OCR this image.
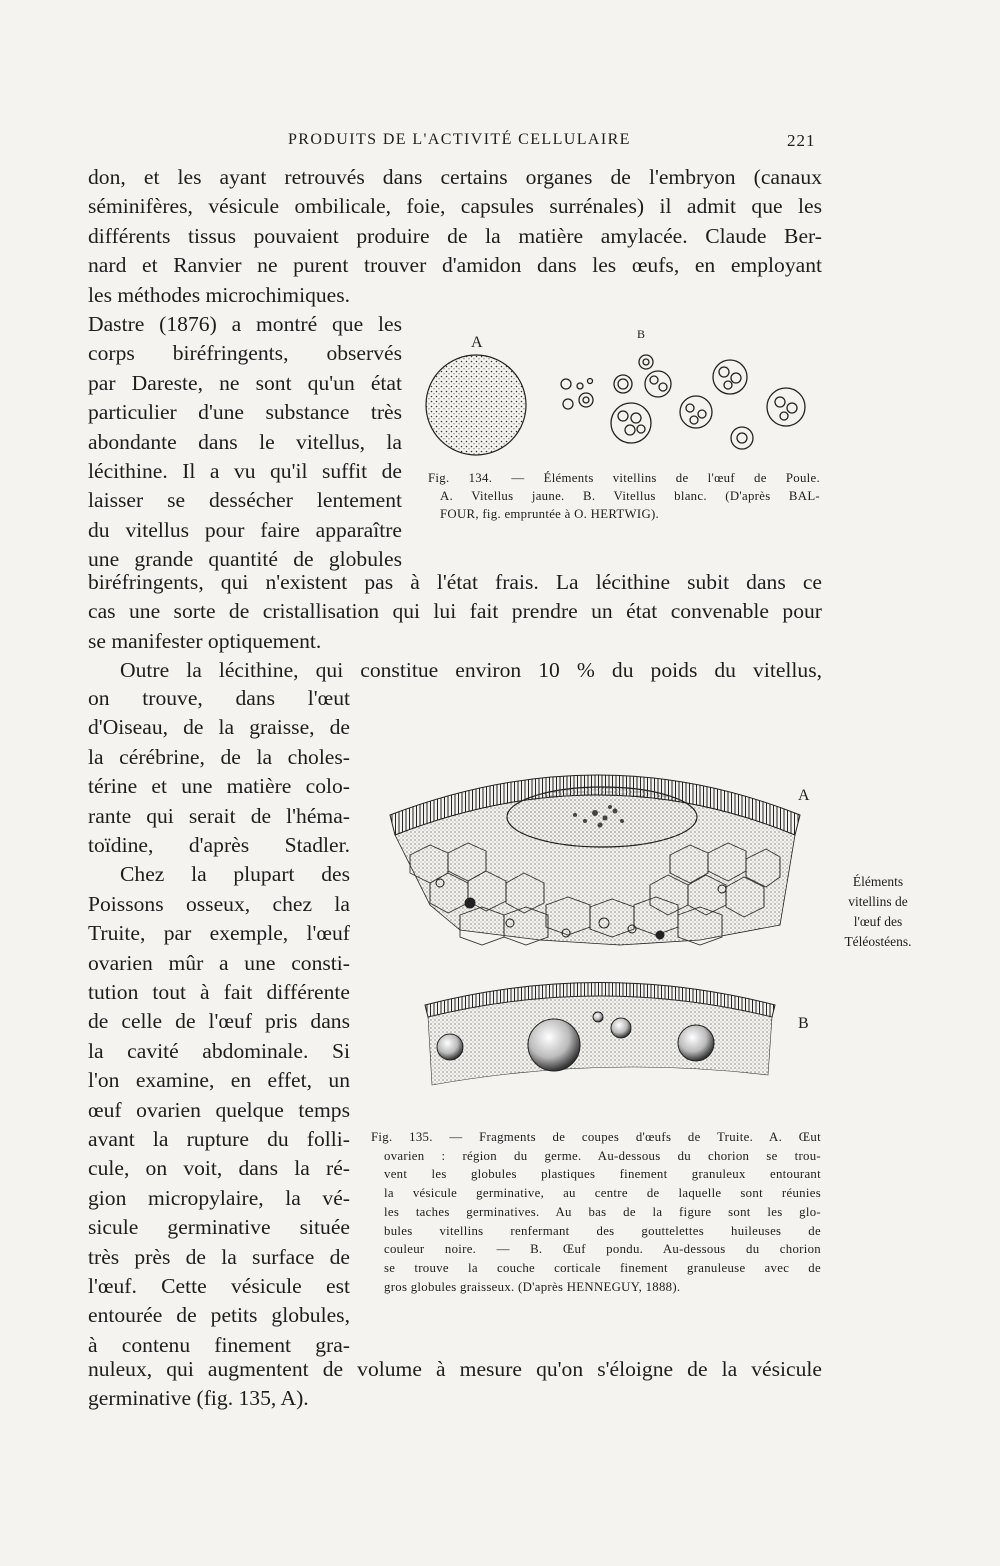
PRODUITS DE L'ACTIVITÉ CELLULAIRE	221
don, et les ayant retrouvés dans certains organes de l'embryon (canaux
séminifères, vésicule ombilicale, foie, capsules surrénales) il admit que les
différents tissus pouvaient produire de la matière amylacée. Claude Ber-
nard et Ranvier ne purent trouver d'amidon dans les œufs, en employant
les méthodes microchimiques.
Dastre (1876) a montré que les
corps biréfringents, observés
par Dareste, ne sont qu'un état
particulier d'une substance très
abondante dans le vitellus, la
lécithine. Il a vu qu'il suffit de
laisser se dessécher lentement
du vitellus pour faire apparaître
une grande quantité de globules
biréfringents, qui n'existent pas à l'état frais. La lécithine subit dans ce
cas une sorte de cristallisation qui lui fait prendre un état convenable pour
se manifester optiquement.
Outre la lécithine, qui constitue environ 10 % du poids du vitellus,
on trouve, dans l'œut
d'Oiseau, de la graisse, de
la cérébrine, de la choles-
térine et une matière colo-
rante qui serait de l'héma-
toïdine, d'après Stadler.
Chez la plupart des
Poissons osseux, chez la
Truite, par exemple, l'œuf
ovarien mûr a une consti-
tution tout à fait différente
de celle de l'œuf pris dans
la cavité abdominale. Si
l'on examine, en effet, un
œuf ovarien quelque temps
avant la rupture du folli-
cule, on voit, dans la ré-
gion micropylaire, la vé-
sicule germinative située
très près de la surface de
l'œuf. Cette vésicule est
entourée de petits globules,
à contenu finement gra-
nuleux, qui augmentent de volume à mesure qu'on s'éloigne de la vésicule
germinative (fig. 135, A).
A	B
Fig. 134. — Éléments vitellins de l'œuf de Poule.
A. Vitellus jaune. B. Vitellus blanc. (D'après BAL-
FOUR, fig. empruntée à O. HERTWIG).
A
B
Fig. 135. — Fragments de coupes d'œufs de Truite. A. Œut
ovarien : région du germe. Au-dessous du chorion se trou-
vent les globules plastiques finement granuleux entourant
la vésicule germinative, au centre de laquelle sont réunies
les taches germinatives. Au bas de la figure sont les glo-
bules vitellins renfermant des gouttelettes huileuses de
couleur noire. — B. Œuf pondu. Au-dessous du chorion
se trouve la couche corticale finement granuleuse avec de
gros globules graisseux. (D'après HENNEGUY, 1888).
Éléments
vitellins de
l'œuf des
Téléostéens.
